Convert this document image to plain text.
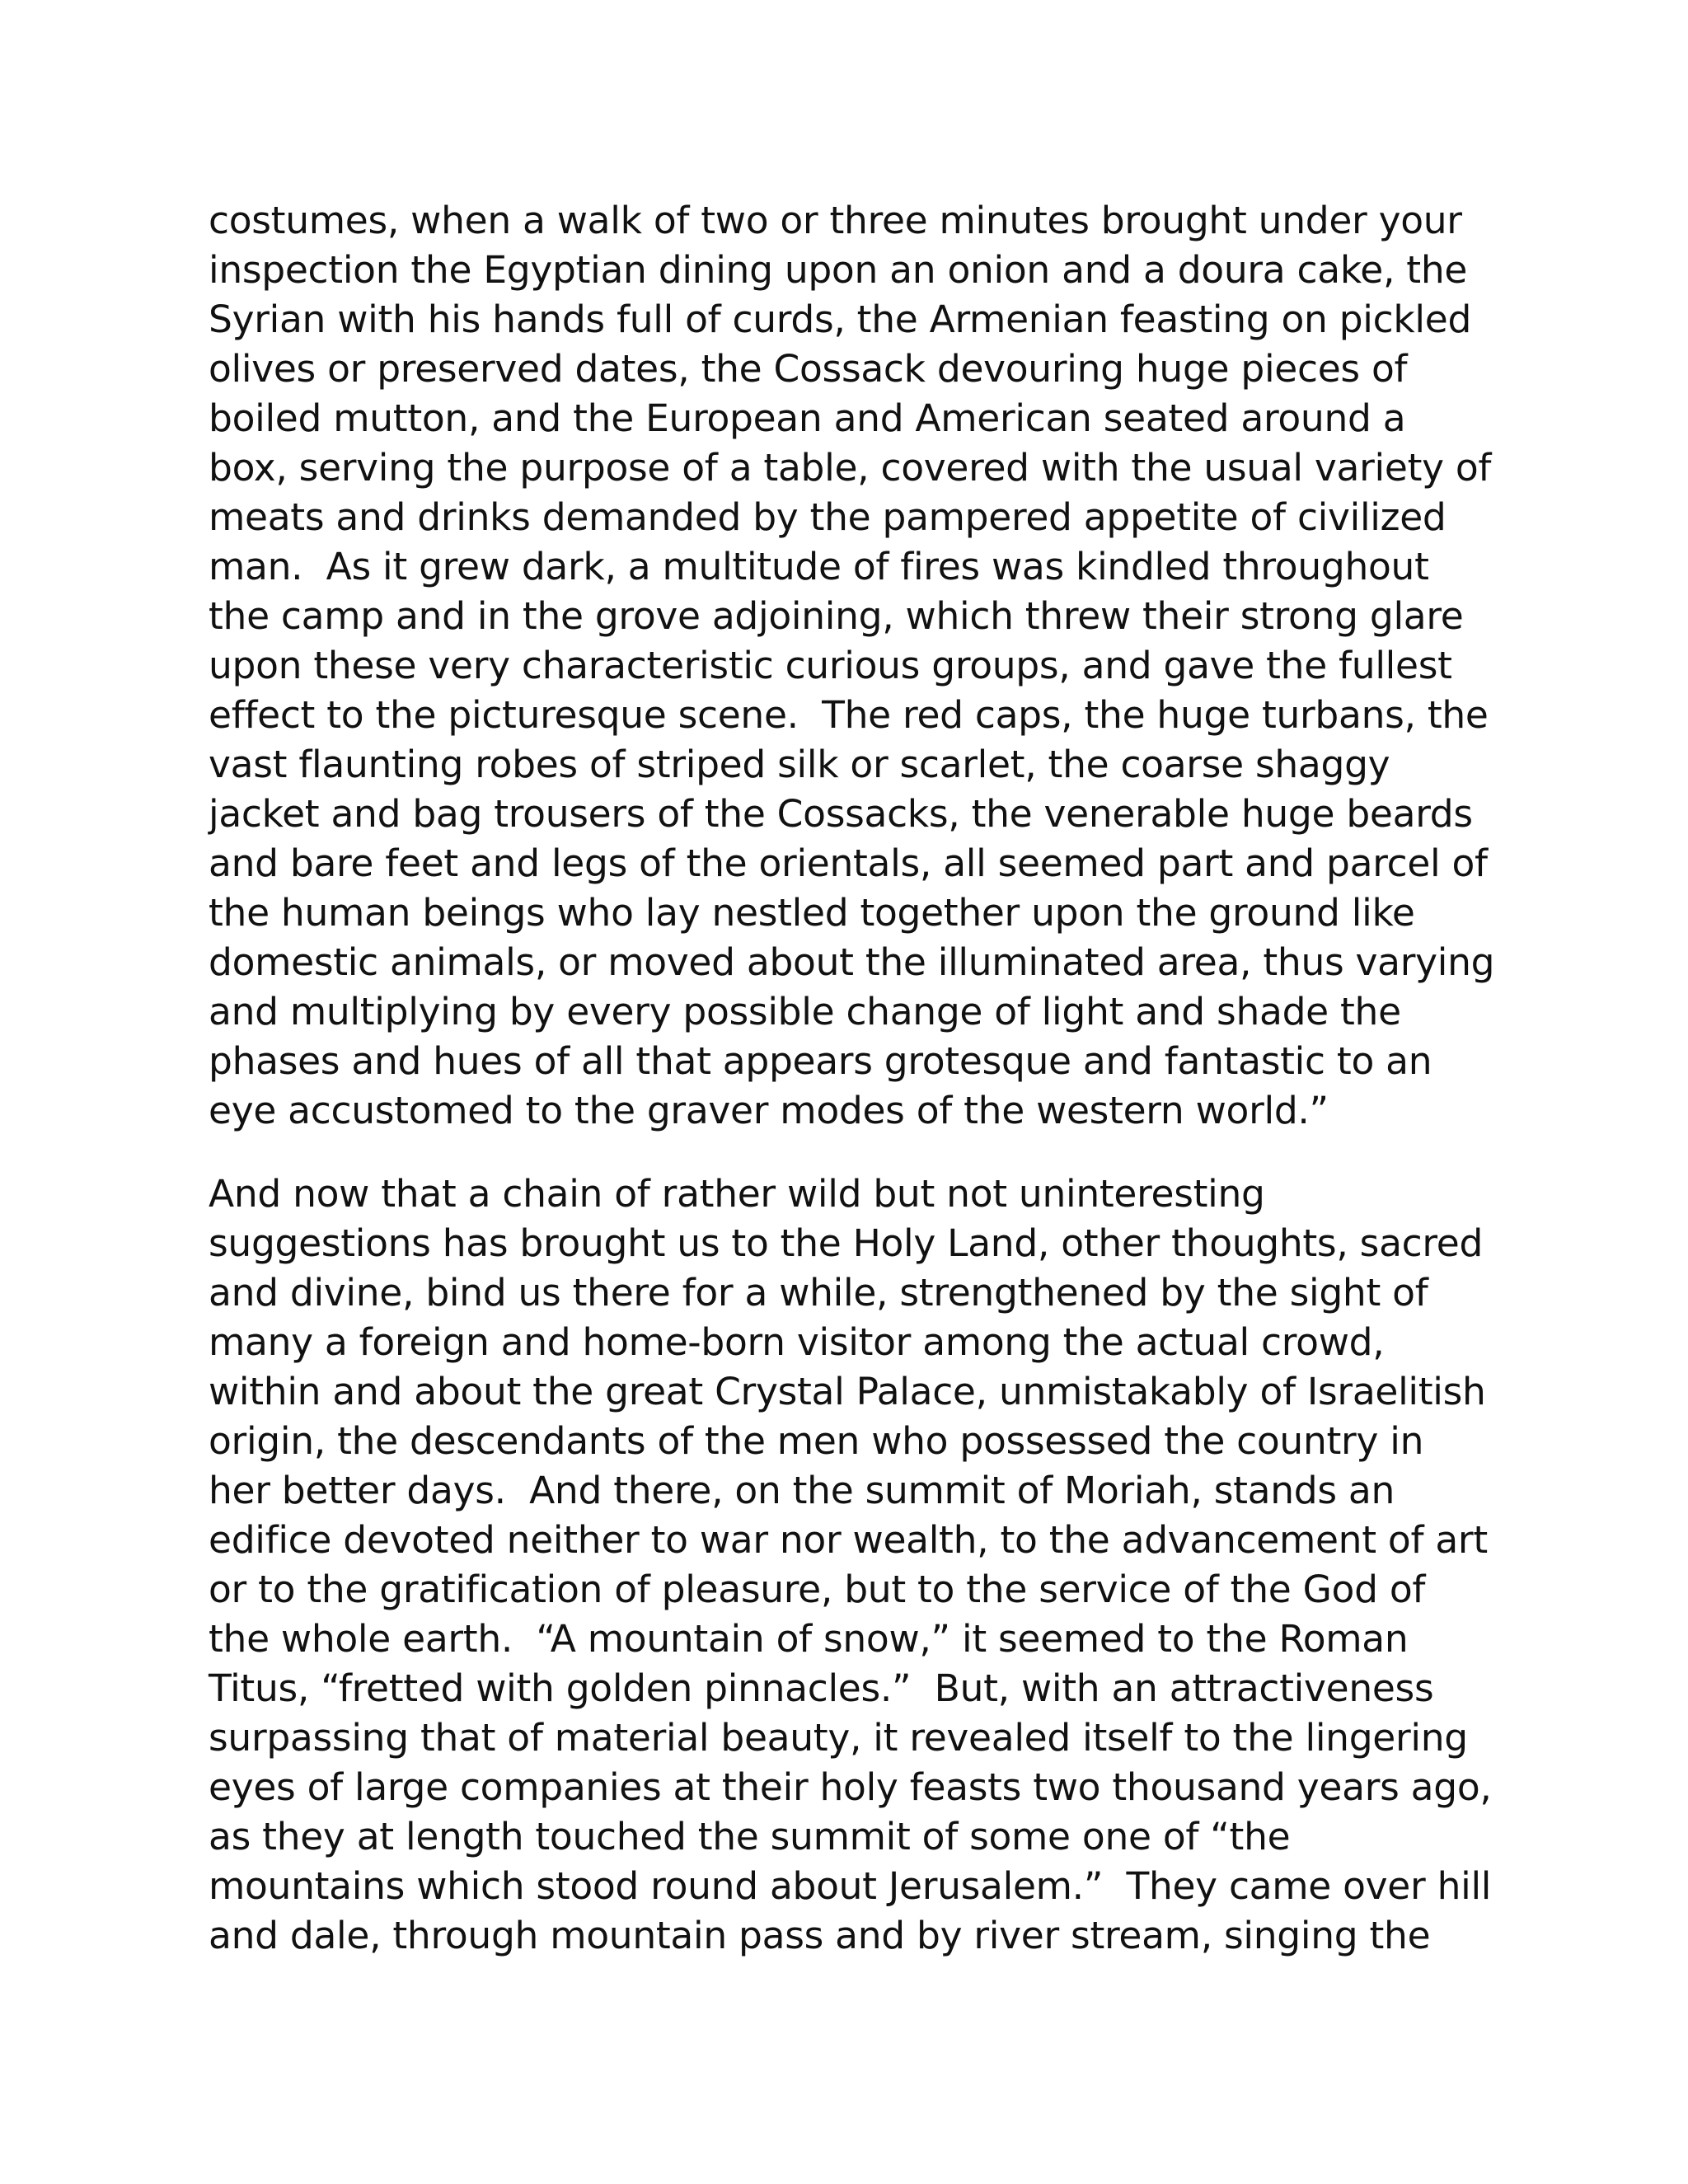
costumes, when a walk of two or three minutes brought under your
inspection the Egyptian dining upon an onion and a doura cake, the
Syrian with his hands full of curds, the Armenian feasting on pickled
olives or preserved dates, the Cossack devouring huge pieces of
boiled mutton, and the European and American seated around a
box, serving the purpose of a table, covered with the usual variety of
meats and drinks demanded by the pampered appetite of civilized
man.  As it grew dark, a multitude of fires was kindled throughout
the camp and in the grove adjoining, which threw their strong glare
upon these very characteristic curious groups, and gave the fullest
effect to the picturesque scene.  The red caps, the huge turbans, the
vast flaunting robes of striped silk or scarlet, the coarse shaggy
jacket and bag trousers of the Cossacks, the venerable huge beards
and bare feet and legs of the orientals, all seemed part and parcel of
the human beings who lay nestled together upon the ground like
domestic animals, or moved about the illuminated area, thus varying
and multiplying by every possible change of light and shade the
phases and hues of all that appears grotesque and fantastic to an
eye accustomed to the graver modes of the western world.”
And now that a chain of rather wild but not uninteresting
suggestions has brought us to the Holy Land, other thoughts, sacred
and divine, bind us there for a while, strengthened by the sight of
many a foreign and home-born visitor among the actual crowd,
within and about the great Crystal Palace, unmistakably of Israelitish
origin, the descendants of the men who possessed the country in
her better days.  And there, on the summit of Moriah, stands an
edifice devoted neither to war nor wealth, to the advancement of art
or to the gratification of pleasure, but to the service of the God of
the whole earth.  “A mountain of snow,” it seemed to the Roman
Titus, “fretted with golden pinnacles.”  But, with an attractiveness
surpassing that of material beauty, it revealed itself to the lingering
eyes of large companies at their holy feasts two thousand years ago,
as they at length touched the summit of some one of “the
mountains which stood round about Jerusalem.”  They came over hill
and dale, through mountain pass and by river stream, singing the
